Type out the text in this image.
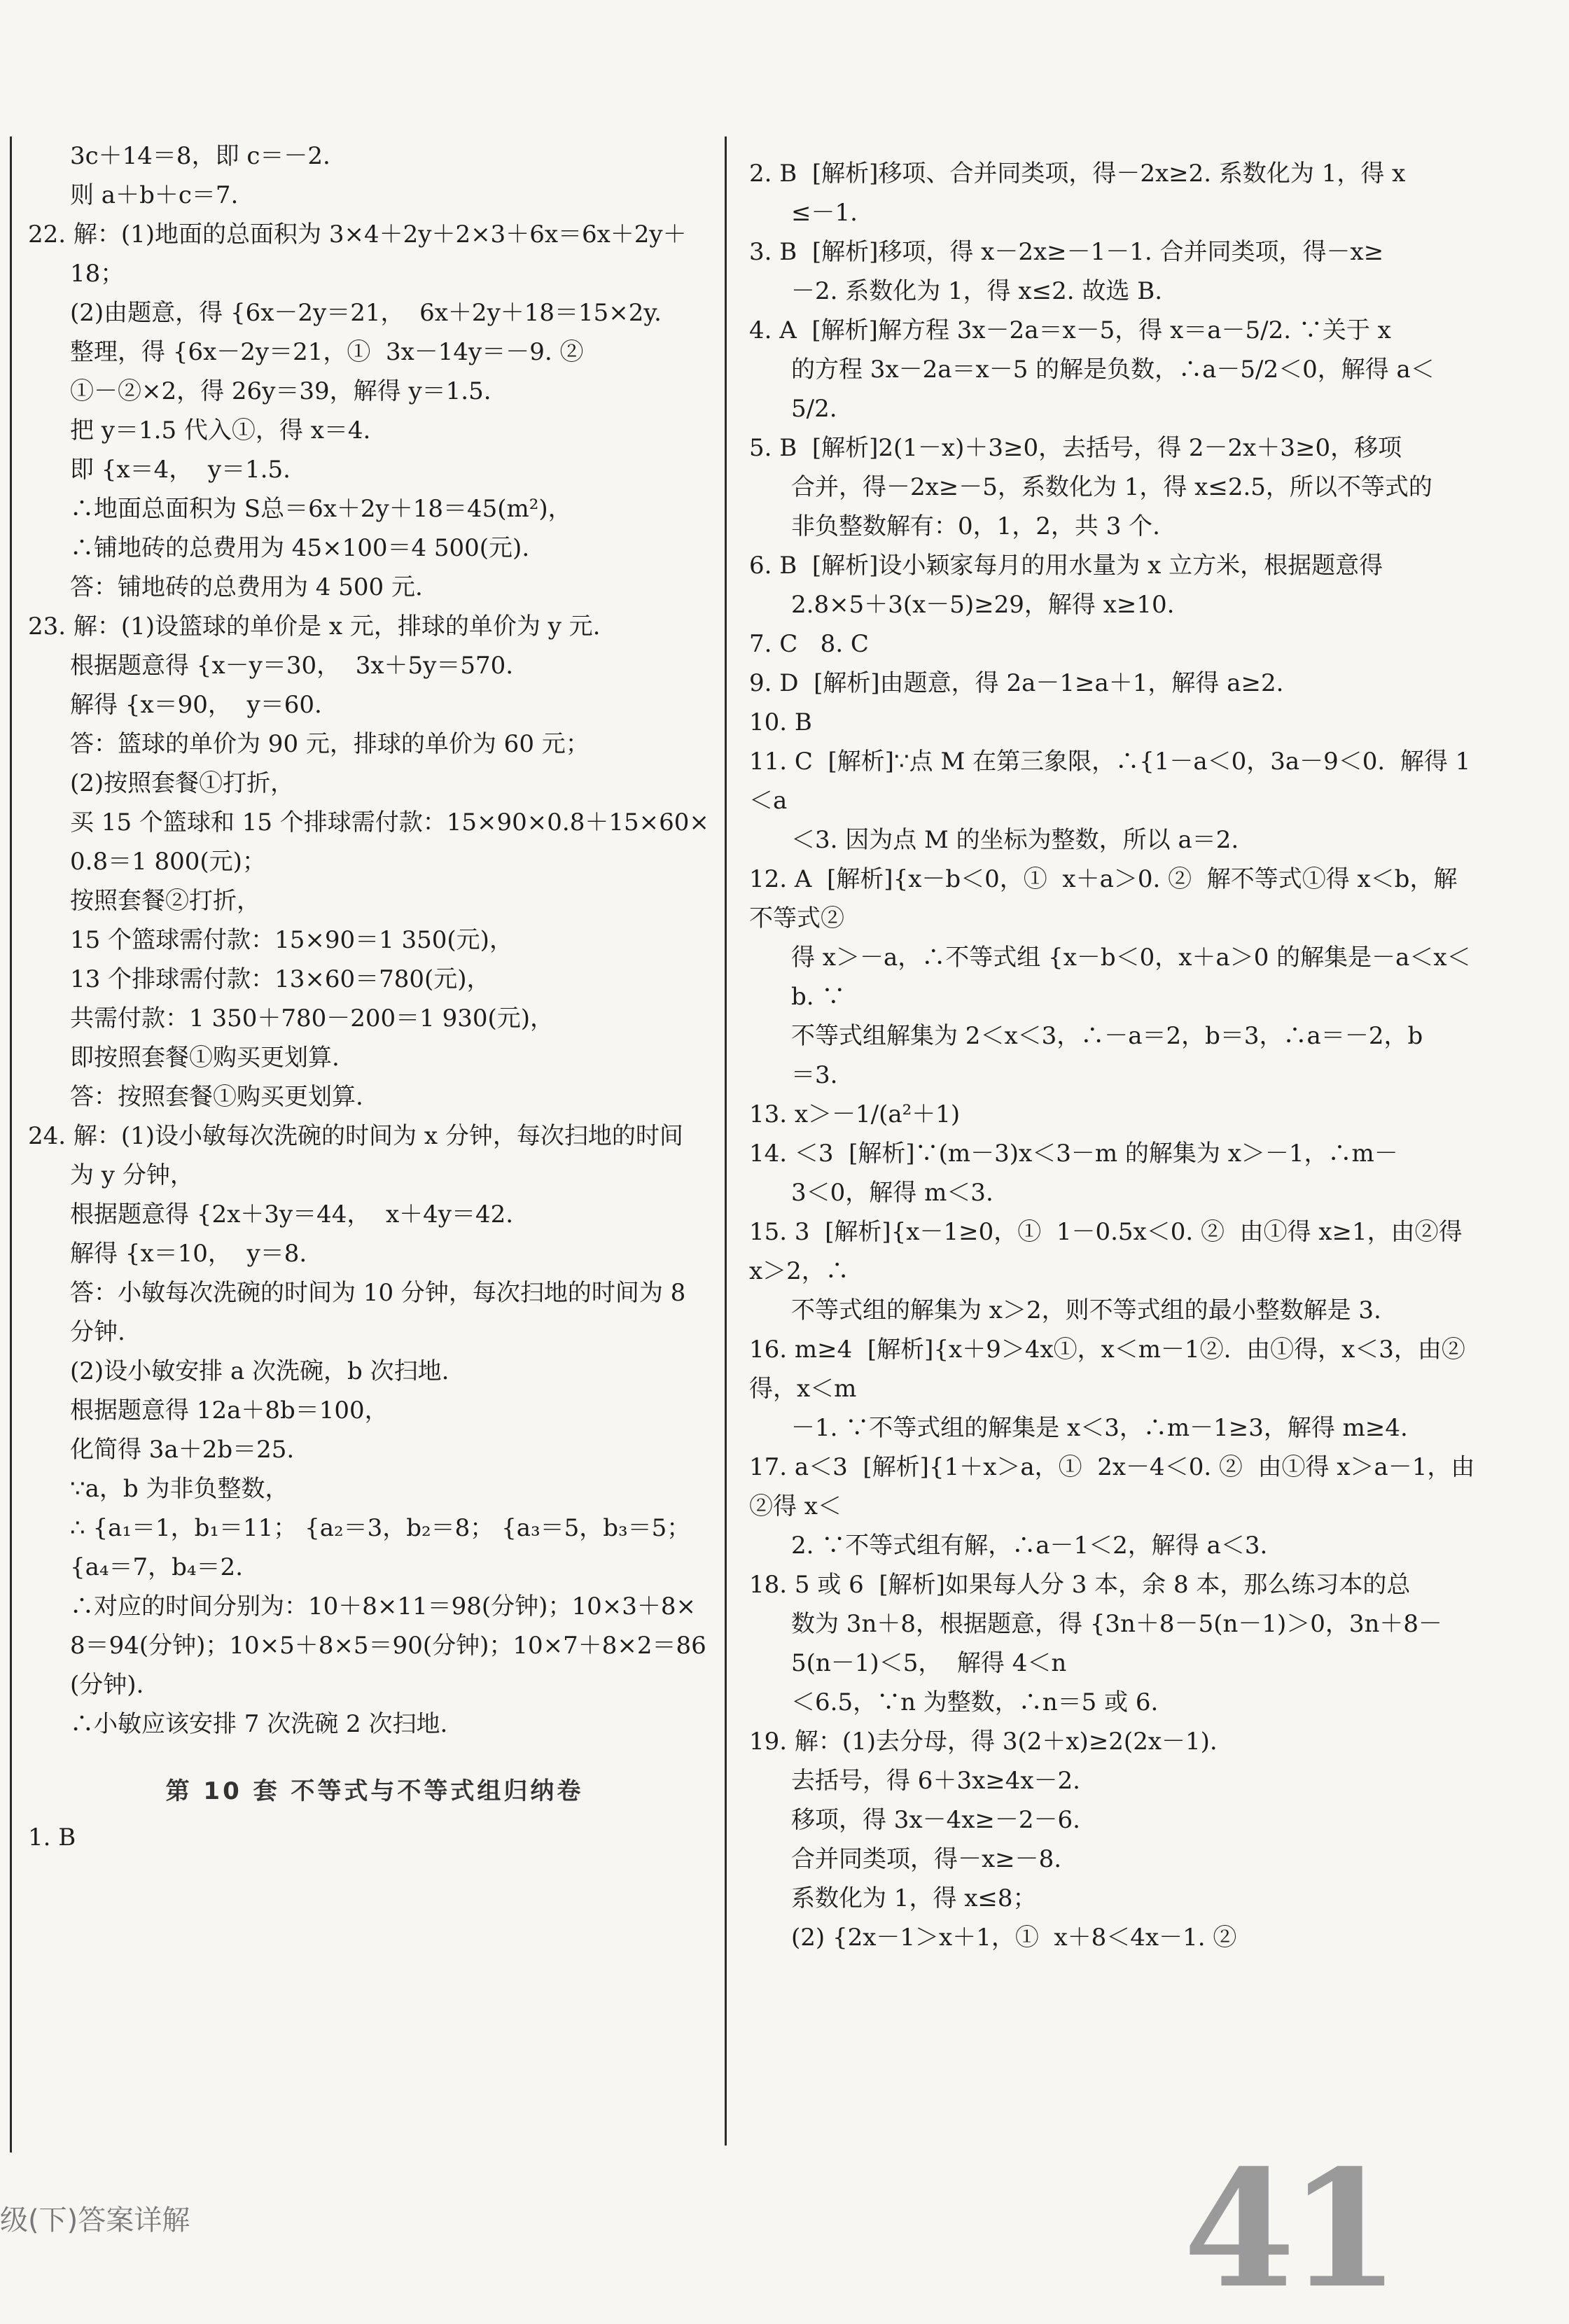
3c＋14＝8，即 c＝－2.

则 a＋b＋c＝7.

22. 解：(1)地面的总面积为 3×4＋2y＋2×3＋6x＝6x＋2y＋

18；

(2)由题意，得 {6x－2y＝21，  6x＋2y＋18＝15×2y.

整理，得 {6x－2y＝21，①  3x－14y＝－9. ②

①－②×2，得 26y＝39，解得 y＝1.5.

把 y＝1.5 代入①，得 x＝4.

即 {x＝4，  y＝1.5.

∴地面总面积为 S总＝6x＋2y＋18＝45(m²)，

∴铺地砖的总费用为 45×100＝4 500(元).

答：铺地砖的总费用为 4 500 元.

23. 解：(1)设篮球的单价是 x 元，排球的单价为 y 元.

根据题意得 {x－y＝30，  3x＋5y＝570.

解得 {x＝90，  y＝60.

答：篮球的单价为 90 元，排球的单价为 60 元；

(2)按照套餐①打折，

买 15 个篮球和 15 个排球需付款：15×90×0.8＋15×60×

0.8＝1 800(元)；

按照套餐②打折，

15 个篮球需付款：15×90＝1 350(元)，

13 个排球需付款：13×60＝780(元)，

共需付款：1 350＋780－200＝1 930(元)，

即按照套餐①购买更划算.

答：按照套餐①购买更划算.

24. 解：(1)设小敏每次洗碗的时间为 x 分钟，每次扫地的时间

为 y 分钟，

根据题意得 {2x＋3y＝44，  x＋4y＝42.

解得 {x＝10，  y＝8.

答：小敏每次洗碗的时间为 10 分钟，每次扫地的时间为 8

分钟.

(2)设小敏安排 a 次洗碗，b 次扫地.

根据题意得 12a＋8b＝100，

化简得 3a＋2b＝25.

∵a，b 为非负整数，

∴ {a₁＝1，b₁＝11； {a₂＝3，b₂＝8； {a₃＝5，b₃＝5； {a₄＝7，b₄＝2.

∴对应的时间分别为：10＋8×11＝98(分钟)；10×3＋8×

8＝94(分钟)；10×5＋8×5＝90(分钟)；10×7＋8×2＝86

(分钟).

∴小敏应该安排 7 次洗碗 2 次扫地.

第 10 套 不等式与不等式组归纳卷

1. B

2. B  [解析]移项、合并同类项，得－2x≥2. 系数化为 1，得 x

≤－1.

3. B  [解析]移项，得 x－2x≥－1－1. 合并同类项，得－x≥

－2. 系数化为 1，得 x≤2. 故选 B.

4. A  [解析]解方程 3x－2a＝x－5，得 x＝a－5/2. ∵关于 x

的方程 3x－2a＝x－5 的解是负数，∴a－5/2＜0，解得 a＜

5/2.

5. B  [解析]2(1－x)＋3≥0，去括号，得 2－2x＋3≥0，移项

合并，得－2x≥－5，系数化为 1，得 x≤2.5，所以不等式的

非负整数解有：0，1，2，共 3 个.

6. B  [解析]设小颖家每月的用水量为 x 立方米，根据题意得

2.8×5＋3(x－5)≥29，解得 x≥10.

7. C   8. C

9. D  [解析]由题意，得 2a－1≥a＋1，解得 a≥2.

10. B

11. C  [解析]∵点 M 在第三象限，∴{1－a＜0，3a－9＜0.  解得 1＜a

＜3. 因为点 M 的坐标为整数，所以 a＝2.

12. A  [解析]{x－b＜0，①  x＋a＞0. ②  解不等式①得 x＜b，解不等式②

得 x＞－a，∴不等式组 {x－b＜0，x＋a＞0 的解集是－a＜x＜b. ∵

不等式组解集为 2＜x＜3，∴－a＝2，b＝3，∴a＝－2，b

＝3.

13. x＞－1/(a²＋1)

14. ＜3  [解析]∵(m－3)x＜3－m 的解集为 x＞－1，∴m－

3＜0，解得 m＜3.

15. 3  [解析]{x－1≥0，①  1－0.5x＜0. ②  由①得 x≥1，由②得 x＞2，∴

不等式组的解集为 x＞2，则不等式组的最小整数解是 3.

16. m≥4  [解析]{x＋9＞4x①，x＜m－1②.  由①得，x＜3，由②得，x＜m

－1. ∵不等式组的解集是 x＜3，∴m－1≥3，解得 m≥4.

17. a＜3  [解析]{1＋x＞a，①  2x－4＜0. ②  由①得 x＞a－1，由②得 x＜

2. ∵不等式组有解，∴a－1＜2，解得 a＜3.

18. 5 或 6  [解析]如果每人分 3 本，余 8 本，那么练习本的总

数为 3n＋8，根据题意，得 {3n＋8－5(n－1)＞0，3n＋8－5(n－1)＜5，  解得 4＜n

＜6.5，∵n 为整数，∴n＝5 或 6.

19. 解：(1)去分母，得 3(2＋x)≥2(2x－1).

去括号，得 6＋3x≥4x－2.

移项，得 3x－4x≥－2－6.

合并同类项，得－x≥－8.

系数化为 1，得 x≤8；

(2) {2x－1＞x＋1，①  x＋8＜4x－1. ②

级(下)答案详解	41
